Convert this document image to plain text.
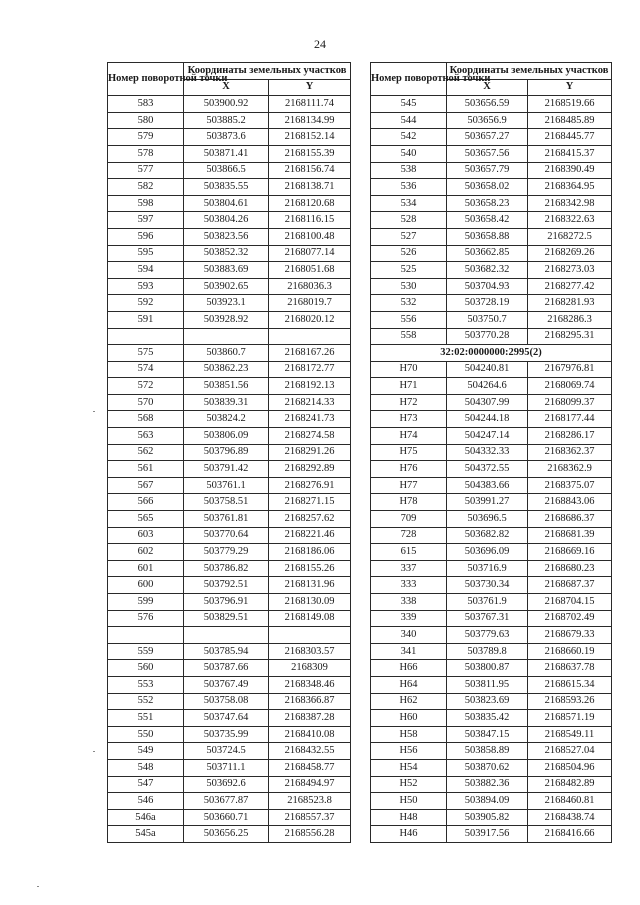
24
Номер поворотной точки	Координаты земельных участков	
	X	Y
583	503900.92	2168111.74
580	503885.2	2168134.99
579	503873.6	2168152.14
578	503871.41	2168155.39
577	503866.5	2168156.74
582	503835.55	2168138.71
598	503804.61	2168120.68
597	503804.26	2168116.15
596	503823.56	2168100.48
595	503852.32	2168077.14
594	503883.69	2168051.68
593	503902.65	2168036.3
592	503923.1	2168019.7
591	503928.92	2168020.12

575	503860.7	2168167.26
574	503862.23	2168172.77
572	503851.56	2168192.13
570	503839.31	2168214.33
568	503824.2	2168241.73
563	503806.09	2168274.58
562	503796.89	2168291.26
561	503791.42	2168292.89
567	503761.1	2168276.91
566	503758.51	2168271.15
565	503761.81	2168257.62
603	503770.64	2168221.46
602	503779.29	2168186.06
601	503786.82	2168155.26
600	503792.51	2168131.96
599	503796.91	2168130.09
576	503829.51	2168149.08

559	503785.94	2168303.57
560	503787.66	2168309
553	503767.49	2168348.46
552	503758.08	2168366.87
551	503747.64	2168387.28
550	503735.99	2168410.08
549	503724.5	2168432.55
548	503711.1	2168458.77
547	503692.6	2168494.97
546	503677.87	2168523.8
546a	503660.71	2168557.37
545a	503656.25	2168556.28
Номер поворотной точки	Координаты земельных участков	
	X	Y
545	503656.59	2168519.66
544	503656.9	2168485.89
542	503657.27	2168445.77
540	503657.56	2168415.37
538	503657.79	2168390.49
536	503658.02	2168364.95
534	503658.23	2168342.98
528	503658.42	2168322.63
527	503658.88	2168272.5
526	503662.85	2168269.26
525	503682.32	2168273.03
530	503704.93	2168277.42
532	503728.19	2168281.93
556	503750.7	2168286.3
558	503770.28	2168295.31
32:02:0000000:2995(2)		
Н70	504240.81	2167976.81
Н71	504264.6	2168069.74
Н72	504307.99	2168099.37
Н73	504244.18	2168177.44
Н74	504247.14	2168286.17
Н75	504332.33	2168362.37
Н76	504372.55	2168362.9
Н77	504383.66	2168375.07
Н78	503991.27	2168843.06
709	503696.5	2168686.37
728	503682.82	2168681.39
615	503696.09	2168669.16
337	503716.9	2168680.23
333	503730.34	2168687.37
338	503761.9	2168704.15
339	503767.31	2168702.49
340	503779.63	2168679.33
341	503789.8	2168660.19
Н66	503800.87	2168637.78
Н64	503811.95	2168615.34
Н62	503823.69	2168593.26
Н60	503835.42	2168571.19
Н58	503847.15	2168549.11
Н56	503858.89	2168527.04
Н54	503870.62	2168504.96
Н52	503882.36	2168482.89
Н50	503894.09	2168460.81
Н48	503905.82	2168438.74
Н46	503917.56	2168416.66
